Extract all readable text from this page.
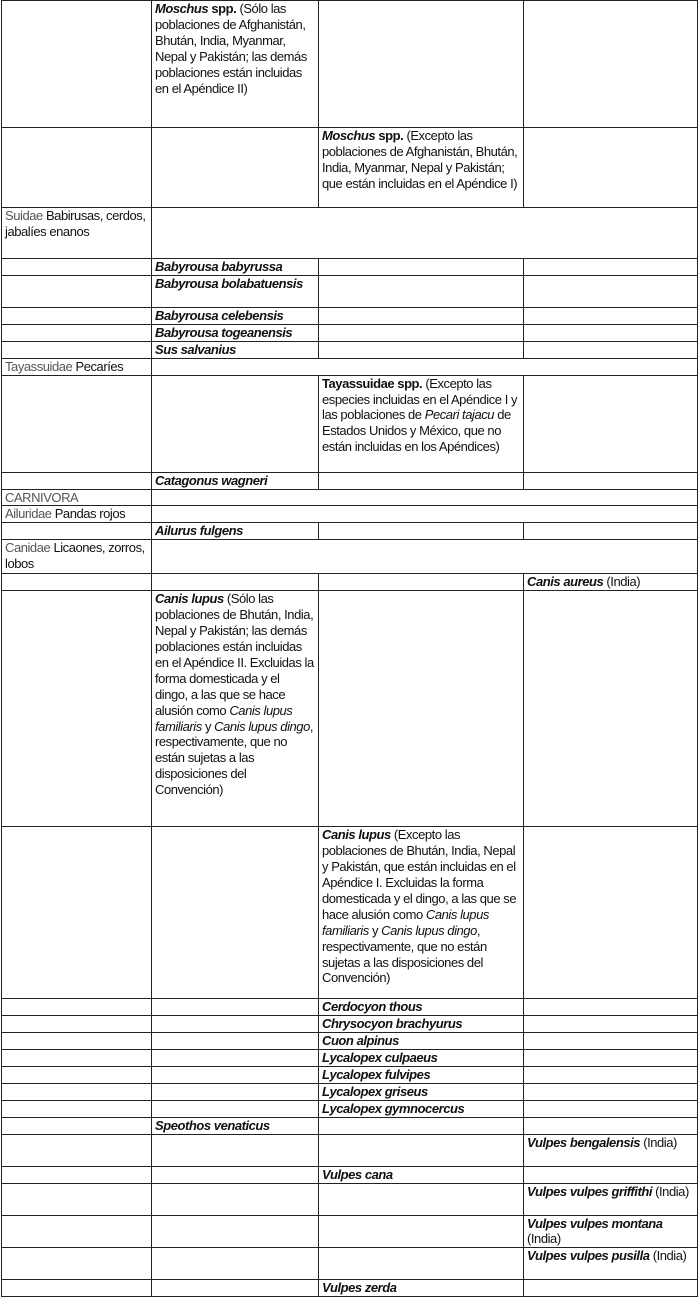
	Moschus spp. (Sólo las poblaciones de Afghanistán, Bhután, India, Myanmar, Nepal y Pakistán; las demás poblaciones están incluidas en el Apéndice II)		
		Moschus spp. (Excepto las poblaciones de Afghanistán, Bhután, India, Myanmar, Nepal y Pakistán; que están incluidas en el Apéndice I)	
Suidae Babirusas, cerdos, jabalíes enanos			
	Babyrousa babyrussa		
	Babyrousa bolabatuensis		
	Babyrousa celebensis		
	Babyrousa togeanensis		
	Sus salvanius		
Tayassuidae Pecaríes			
		Tayassuidae spp. (Excepto las especies incluidas en el Apéndice I y las poblaciones de Pecari tajacu de Estados Unidos y México, que no están incluidas en los Apéndices)	
	Catagonus wagneri		
CARNIVORA			
Ailuridae Pandas rojos			
	Ailurus fulgens		
Canidae Licaones, zorros, lobos			
			Canis aureus (India)
	Canis lupus (Sólo las poblaciones de Bhután, India, Nepal y Pakistán; las demás poblaciones están incluidas en el Apéndice II. Excluidas la forma domesticada y el dingo, a las que se hace alusión como Canis lupus familiaris y Canis lupus dingo, respectivamente, que no están sujetas a las disposiciones del Convención)		
		Canis lupus (Excepto las poblaciones de Bhután, India, Nepal y Pakistán, que están incluidas en el Apéndice I. Excluidas la forma domesticada y el dingo, a las que se hace alusión como Canis lupus familiaris y Canis lupus dingo, respectivamente, que no están sujetas a las disposiciones del Convención)	
		Cerdocyon thous	
		Chrysocyon brachyurus	
		Cuon alpinus	
		Lycalopex culpaeus	
		Lycalopex fulvipes	
		Lycalopex griseus	
		Lycalopex gymnocercus	
	Speothos venaticus		
			Vulpes bengalensis (India)
		Vulpes cana	
			Vulpes vulpes griffithi (India)
			Vulpes vulpes montana (India)
			Vulpes vulpes pusilla (India)
		Vulpes zerda	
